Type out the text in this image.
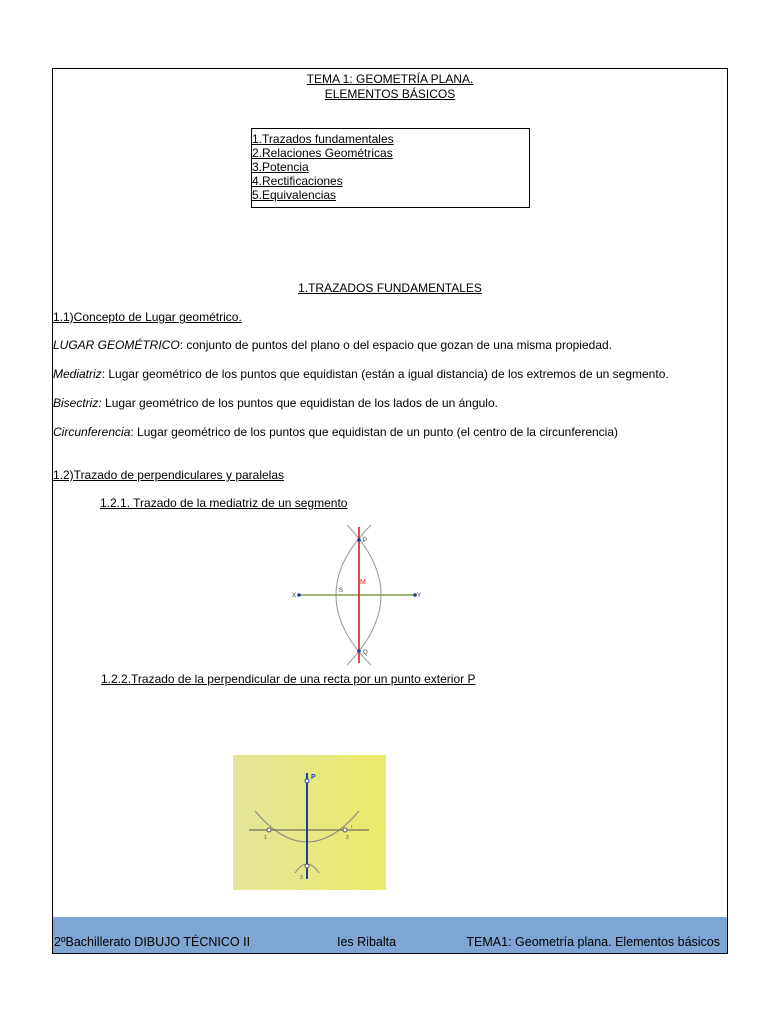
TEMA 1: GEOMETRÍA PLANA.
ELEMENTOS BÁSICOS
1.Trazados fundamentales
2.Relaciones Geométricas
3.Potencia
4.Rectificaciones
5.Equivalencias
1.TRAZADOS FUNDAMENTALES
1.1)Concepto de Lugar geométrico.
LUGAR GEOMÉTRICO: conjunto de puntos del plano o del espacio que gozan de una misma propiedad.
Mediatriz: Lugar geométrico de los puntos que equidistan (están a igual distancia) de los extremos de un segmento.
Bisectriz: Lugar geométrico de los puntos que equidistan de los lados de un ángulo.
Circunferencia: Lugar geométrico de los puntos que equidistan de un punto (el centro de la circunferencia)
1.2)Trazado de perpendiculares y paralelas
1.2.1. Trazado de la mediatriz de un segmento
P
Q
M
S
X	Y
1.2.2.Trazado de la perpendicular de una recta por un punto exterior P
P
r
1	2
3
2ºBachillerato DIBUJO TÉCNICO II	Ies Ribalta	TEMA1: Geometría plana. Elementos básicos
